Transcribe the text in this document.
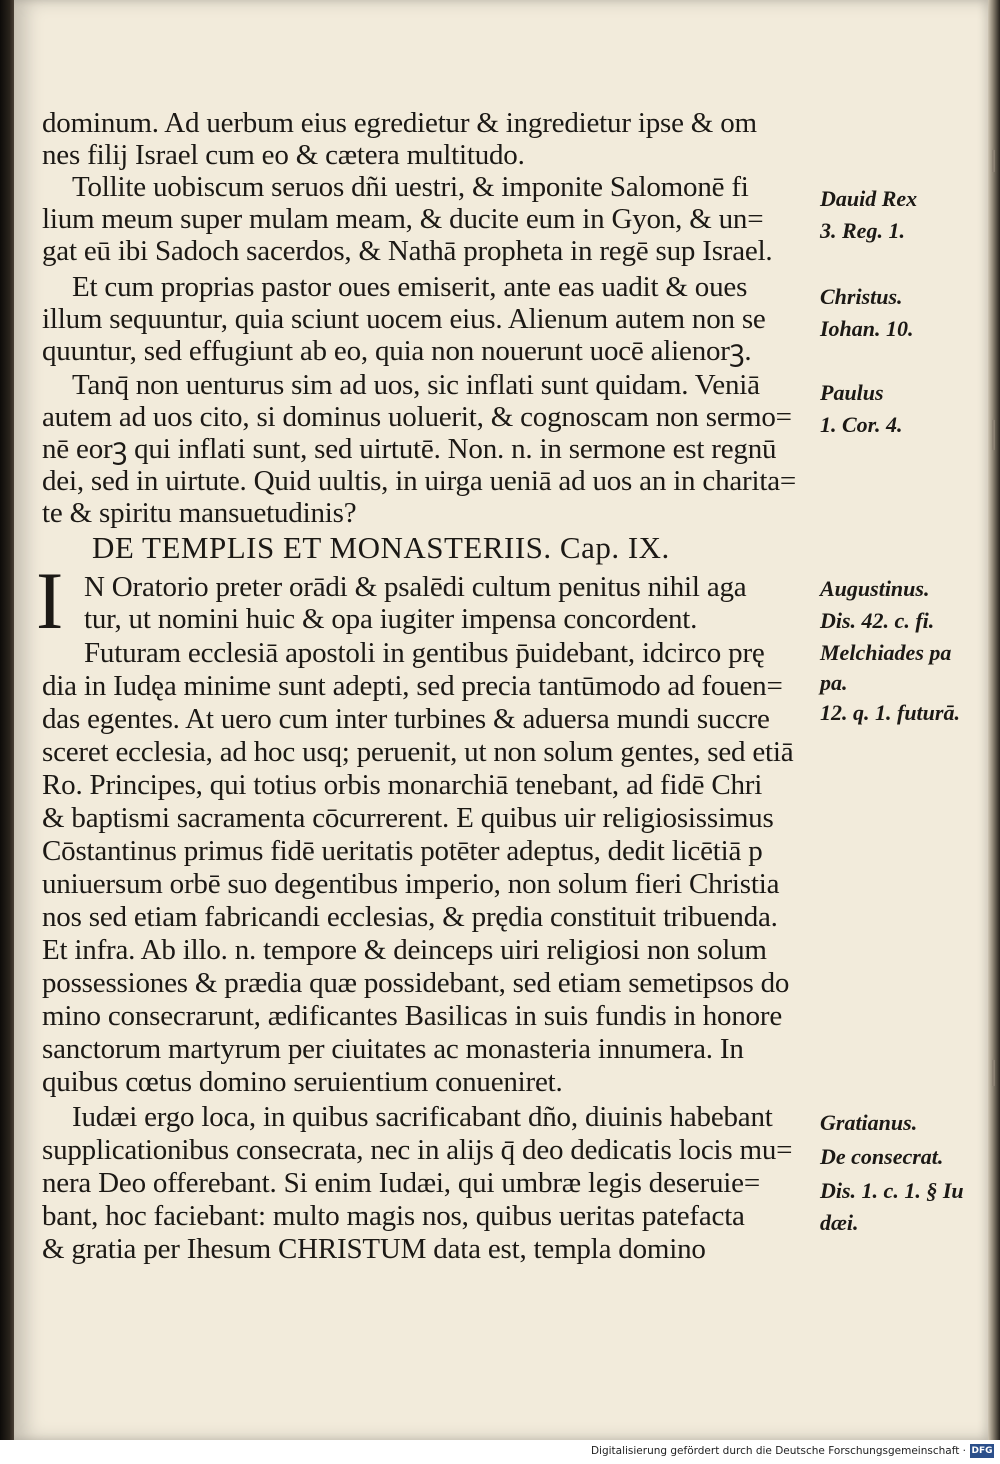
dominum. Ad uerbum eius egredietur & ingredietur ipse & om
nes filij Israel cum eo & cætera multitudo.
Tollite uobiscum seruos dñi uestri, & imponite Salomonē fi
lium meum super mulam meam, & ducite eum in Gyon, & un=
gat eū ibi Sadoch sacerdos, & Nathā propheta in regē sup Israel.
Et cum proprias pastor oues emiserit, ante eas uadit & oues
illum sequuntur, quia sciunt uocem eius. Alienum autem non se
quuntur, sed effugiunt ab eo, quia non nouerunt uocē alienorꝫ.
Tanq̄ non uenturus sim ad uos, sic inflati sunt quidam. Veniā
autem ad uos cito, si dominus uoluerit, & cognoscam non sermo=
nē eorꝫ qui inflati sunt, sed uirtutē. Non. n. in sermone est regnū
dei, sed in uirtute. Quid uultis, in uirga ueniā ad uos an in charita=
te & spiritu mansuetudinis?
DE TEMPLIS ET MONASTERIIS. Cap. IX.
I N Oratorio preter orādi & psalēdi cultum penitus nihil aga
tur, ut nomini huic & opa iugiter impensa concordent.
Futuram ecclesiā apostoli in gentibus p̄uidebant, idcirco prę
dia in Iudęa minime sunt adepti, sed precia tantūmodo ad fouen=
das egentes. At uero cum inter turbines & aduersa mundi succre
sceret ecclesia, ad hoc usq; peruenit, ut non solum gentes, sed etiā
Ro. Principes, qui totius orbis monarchiā tenebant, ad fidē Chri
& baptismi sacramenta cōcurrerent. E quibus uir religiosissimus
Cōstantinus primus fidē ueritatis potēter adeptus, dedit licētiā p
uniuersum orbē suo degentibus imperio, non solum fieri Christia
nos sed etiam fabricandi ecclesias, & prędia constituit tribuenda.
Et infra. Ab illo. n. tempore & deinceps uiri religiosi non solum
possessiones & prædia quæ possidebant, sed etiam semetipsos do
mino consecrarunt, ædificantes Basilicas in suis fundis in honore
sanctorum martyrum per ciuitates ac monasteria innumera. In
quibus cœtus domino seruientium conueniret.
Iudæi ergo loca, in quibus sacrificabant dño, diuinis habebant
supplicationibus consecrata, nec in alijs q̄ deo dedicatis locis mu=
nera Deo offerebant. Si enim Iudæi, qui umbræ legis deseruie=
bant, hoc faciebant: multo magis nos, quibus ueritas patefacta
& gratia per Ihesum CHRISTUM data est, templa domino
Dauid Rex
3. Reg. 1.
Christus.
Iohan. 10.
Paulus
1. Cor. 4.
Augustinus.
Dis. 42. c. fi.
Melchiades pa
pa.
12. q. 1. futurā.
Gratianus.
De consecrat.
Dis. 1. c. 1. § Iu
dæi.
Digitalisierung gefördert durch die Deutsche Forschungsgemeinschaft · DFG
